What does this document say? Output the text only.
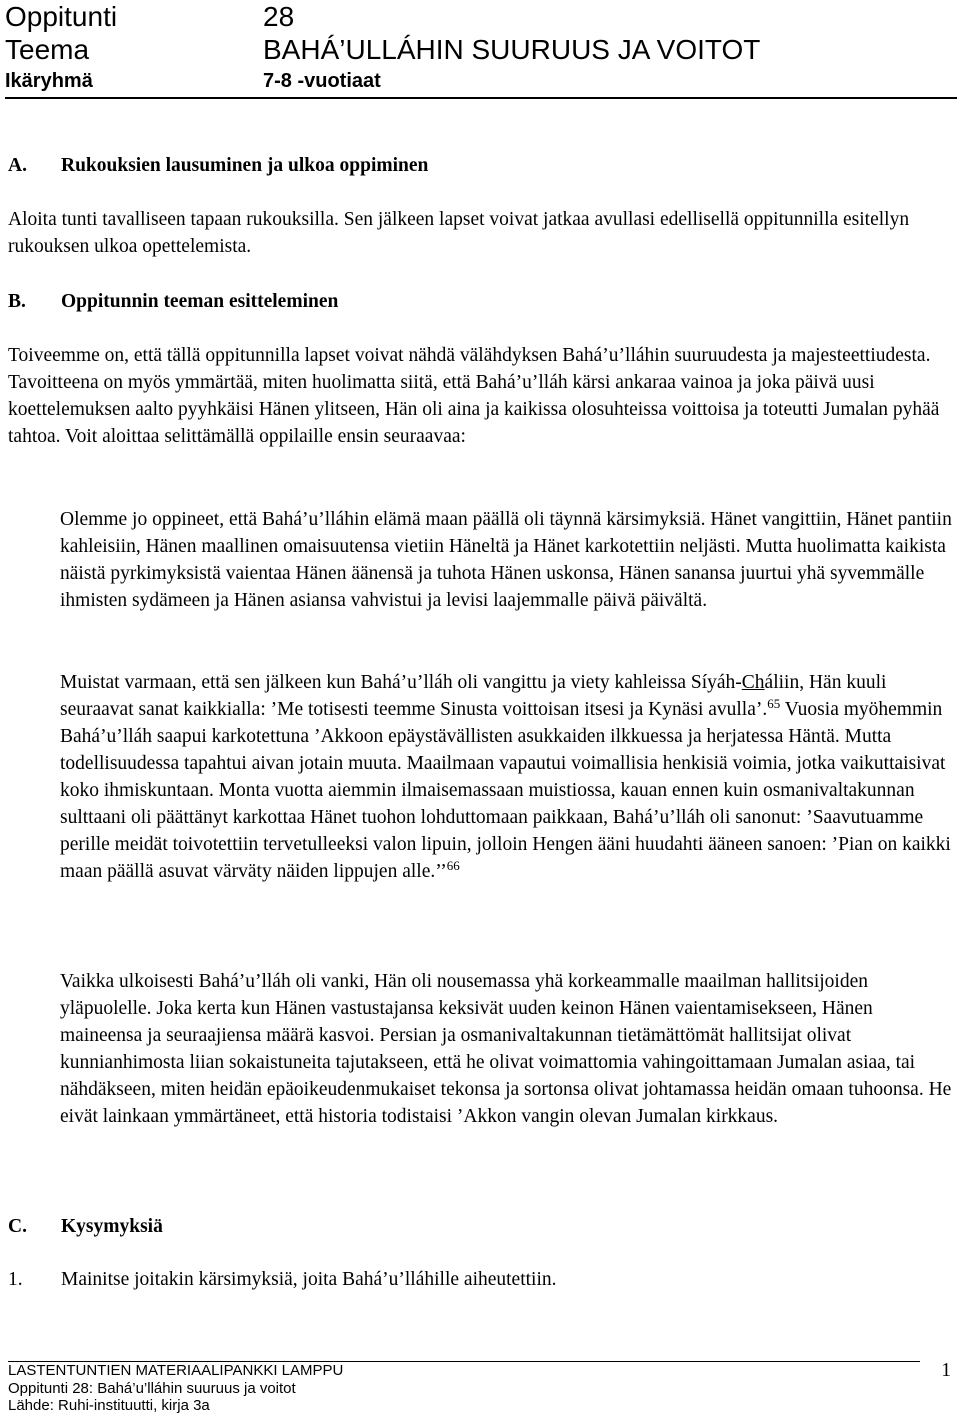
Oppitunti	28
Teema	BAHÁ’ULLÁHIN SUURUUS JA VOITOT
Ikäryhmä	7-8 -vuotiaat
A. Rukouksien lausuminen ja ulkoa oppiminen

Aloita tunti tavalliseen tapaan rukouksilla. Sen jälkeen lapset voivat jatkaa avullasi edellisellä oppitunnilla esitellyn rukouksen ulkoa opettelemista.

B. Oppitunnin teeman esitteleminen

Toiveemme on, että tällä oppitunnilla lapset voivat nähdä välähdyksen Bahá’u’lláhin suuruudesta ja majesteettiudesta. Tavoitteena on myös ymmärtää, miten huolimatta siitä, että Bahá’u’lláh kärsi ankaraa vainoa ja joka päivä uusi koettelemuksen aalto pyyhkäisi Hänen ylitseen, Hän oli aina ja kaikissa olosuhteissa voittoisa ja toteutti Jumalan pyhää tahtoa. Voit aloittaa selittämällä oppilaille ensin seuraavaa:

Olemme jo oppineet, että Bahá’u’lláhin elämä maan päällä oli täynnä kärsimyksiä. Hänet vangittiin, Hänet pantiin kahleisiin, Hänen maallinen omaisuutensa vietiin Häneltä ja Hänet karkotettiin neljästi. Mutta huolimatta kaikista näistä pyrkimyksistä vaientaa Hänen äänensä ja tuhota Hänen uskonsa, Hänen sanansa juurtui yhä syvemmälle ihmisten sydämeen ja Hänen asiansa vahvistui ja levisi laajemmalle päivä päivältä.

Muistat varmaan, että sen jälkeen kun Bahá’u’lláh oli vangittu ja viety kahleissa Síyáh-Cháliin, Hän kuuli seuraavat sanat kaikkialla: ’Me totisesti teemme Sinusta voittoisan itsesi ja Kynäsi avulla’.$^{65}$ Vuosia myöhemmin Bahá’u’lláh saapui karkotettuna ’Akkoon epäystävällisten asukkaiden ilkkuessa ja herjatessa Häntä. Mutta todellisuudessa tapahtui aivan jotain muuta. Maailmaan vapautui voimallisia henkisiä voimia, jotka vaikuttaisivat koko ihmiskuntaan. Monta vuotta aiemmin ilmaisemassaan muistiossa, kauan ennen kuin osmanivaltakunnan sulttaani oli päättänyt karkottaa Hänet tuohon lohduttomaan paikkaan, Bahá’u’lláh oli sanonut: ’Saavutuamme perille meidät toivotettiin tervetulleeksi valon lipuin, jolloin Hengen ääni huudahti ääneen sanoen: ’Pian on kaikki maan päällä asuvat värväty näiden lippujen alle.’’$^{66}$

Vaikka ulkoisesti Bahá’u’lláh oli vanki, Hän oli nousemassa yhä korkeammalle maailman hallitsijoiden yläpuolelle. Joka kerta kun Hänen vastustajansa keksivät uuden keinon Hänen vaientamisekseen, Hänen maineensa ja seuraajiensa määrä kasvoi. Persian ja osmanivaltakunnan tietämättömät hallitsijat olivat kunnianhimosta liian sokaistuneita tajutakseen, että he olivat voimattomia vahingoittamaan Jumalan asiaa, tai nähdäkseen, miten heidän epäoikeudenmukaiset tekonsa ja sortonsa olivat johtamassa heidän omaan tuhoonsa. He eivät lainkaan ymmärtäneet, että historia todistaisi ’Akkon vangin olevan Jumalan kirkkaus.

C. Kysymyksiä
1. Mainitse joitakin kärsimyksiä, joita Bahá’u’lláhille aiheutettiin.
LASTENTUNTIEN MATERIAALIPANKKI LAMPPU
Oppitunti 28: Bahá’u’lláhin suuruus ja voitot
Lähde: Ruhi-instituutti, kirja 3a
1
